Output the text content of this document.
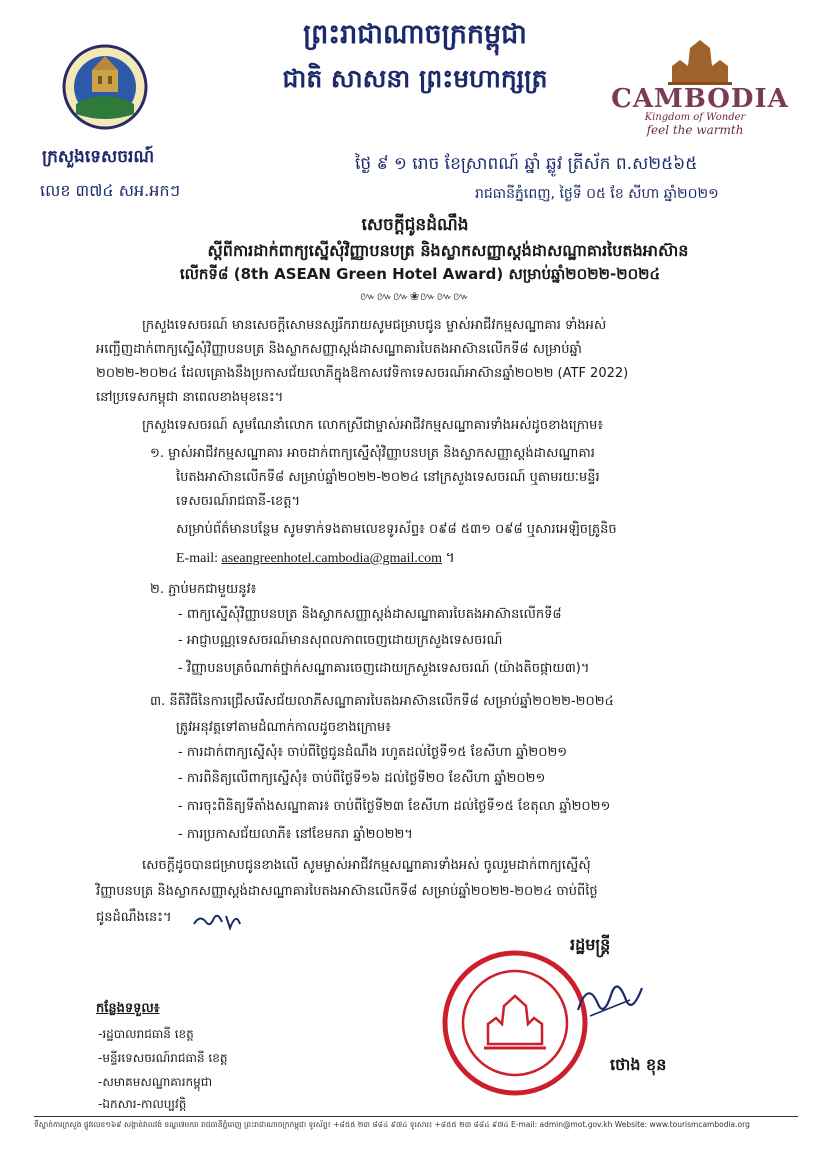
ព្រះរាជាណាចក្រកម្ពុជា
ជាតិ សាសនា ព្រះមហាក្សត្រ
CAMBODIA
Kingdom of Wonder
feel the warmth
ក្រសួងទេសចរណ៍
លេខ ៣៧៤ សអ.អកៗ
ថ្ងៃ ៩ ១ រោច ខែស្រាពណ៍ ឆ្នាំ ឆ្លូវ ត្រីស័ក ព.ស២៥៦៥
រាជធានីភ្នំពេញ, ថ្ងៃទី ០៥ ខែ សីហា ឆ្នាំ២០២១
សេចក្តីជូនដំណឹង
ស្តីពីការដាក់ពាក្យស្នើសុំវិញ្ញាបនបត្រ និងស្លាកសញ្ញាស្តង់ដាសណ្ឋាគារបៃតងអាស៊ាន
លើកទី៨ (8th ASEAN Green Hotel Award) សម្រាប់ឆ្នាំ២០២២-២០២៤
៚៚៚❀៚៚៚
ក្រសួងទេសចរណ៍ មានសេចក្តីសោមនស្សរីករាយសូមជម្រាបជូន ម្ចាស់អាជីវកម្មសណ្ឋាគារ ទាំងអស់
អញ្ជើញដាក់ពាក្យស្នើសុំវិញ្ញាបនបត្រ និងស្លាកសញ្ញាស្តង់ដាសណ្ឋាគារបៃតងអាស៊ានលើកទី៨ សម្រាប់ឆ្នាំ
២០២២-២០២៤ ដែលគ្រោងនឹងប្រកាសជ័យលាភីក្នុងឱកាសវេទិកាទេសចរណ៍អាស៊ានឆ្នាំ២០២២ (ATF 2022)
នៅប្រទេសកម្ពុជា នាពេលខាងមុខនេះ។
ក្រសួងទេសចរណ៍ សូមណែនាំលោក លោកស្រីជាម្ចាស់អាជីវកម្មសណ្ឋាគារទាំងអស់ដូចខាងក្រោម៖
១. ម្ចាស់អាជីវកម្មសណ្ឋាគារ អាចដាក់ពាក្យស្នើសុំវិញ្ញាបនបត្រ និងស្លាកសញ្ញាស្តង់ដាសណ្ឋាគារ
បៃតងអាស៊ានលើកទី៨ សម្រាប់ឆ្នាំ២០២២-២០២៤ នៅក្រសួងទេសចរណ៍ ឬតាមរយៈមន្ទីរ
ទេសចរណ៍រាជធានី-ខេត្ត។
សម្រាប់ព័ត៌មានបន្ថែម សូមទាក់ទងតាមលេខទូរស័ព្ទ៖ ០៩៨ ៥៣១ ០៩៨ ឬសារអេឡិចត្រូនិច
E-mail: aseangreenhotel.cambodia@gmail.com ។
២. ភ្ជាប់មកជាមួយនូវ៖
- ពាក្យស្នើសុំវិញ្ញាបនបត្រ និងស្លាកសញ្ញាស្តង់ដាសណ្ឋាគារបៃតងអាស៊ានលើកទី៨
- អាជ្ញាបណ្ណទេសចរណ៍មានសុពលភាពចេញដោយក្រសួងទេសចរណ៍
- វិញ្ញាបនបត្រចំណាត់ថ្នាក់សណ្ឋាគារចេញដោយក្រសួងទេសចរណ៍ (យ៉ាងតិចផ្កាយ៣)។
៣. នីតិវិធីនៃការជ្រើសរើសជ័យលាភីសណ្ឋាគារបៃតងអាស៊ានលើកទី៨ សម្រាប់ឆ្នាំ២០២២-២០២៤
ត្រូវអនុវត្តទៅតាមដំណាក់កាលដូចខាងក្រោម៖
- ការដាក់ពាក្យស្នើសុំ៖ ចាប់ពីថ្ងៃជូនដំណឹង រហូតដល់ថ្ងៃទី១៥ ខែសីហា ឆ្នាំ២០២១
- ការពិនិត្យលើពាក្យស្នើសុំ៖ ចាប់ពីថ្ងៃទី១៦ ដល់ថ្ងៃទី២០ ខែសីហា ឆ្នាំ២០២១
- ការចុះពិនិត្យទីតាំងសណ្ឋាគារ៖ ចាប់ពីថ្ងៃទី២៣ ខែសីហា ដល់ថ្ងៃទី១៥ ខែតុលា ឆ្នាំ២០២១
- ការប្រកាសជ័យលាភី៖ នៅខែមករា ឆ្នាំ២០២២។
សេចក្តីដូចបានជម្រាបជូនខាងលើ សូមម្ចាស់អាជីវកម្មសណ្ឋាគារទាំងអស់ ចូលរួមដាក់ពាក្យស្នើសុំ
វិញ្ញាបនបត្រ និងស្លាកសញ្ញាស្តង់ដាសណ្ឋាគារបៃតងអាស៊ានលើកទី៨ សម្រាប់ឆ្នាំ២០២២-២០២៤ ចាប់ពីថ្ងៃ
ជូនដំណឹងនេះ។
រដ្ឋមន្ត្រី
ថោង ខុន
កន្លែងទទួល៖
-រដ្ឋបាលរាជធានី ខេត្ត
-មន្ទីរទេសចរណ៍រាជធានី ខេត្ត
-សមាគមសណ្ឋាគារកម្ពុជា
-ឯកសារ-កាលប្បវត្តិ
ទីស្នាក់ការក្រសួង ផ្លូវលេខ១៦៩ សង្កាត់វាលវង់ ខណ្ឌ៧មករា រាជធានីភ្នំពេញ ព្រះរាជាណាចក្រកម្ពុជា ទូរស័ព្ទ៖ +៨៥៥ ២៣ ៨៨៤ ៩៧៤ ទូរសារ៖ +៨៥៥ ២៣ ៨៨៤ ៩៧៤ E-mail: admin@mot.gov.kh Website: www.tourismcambodia.org
